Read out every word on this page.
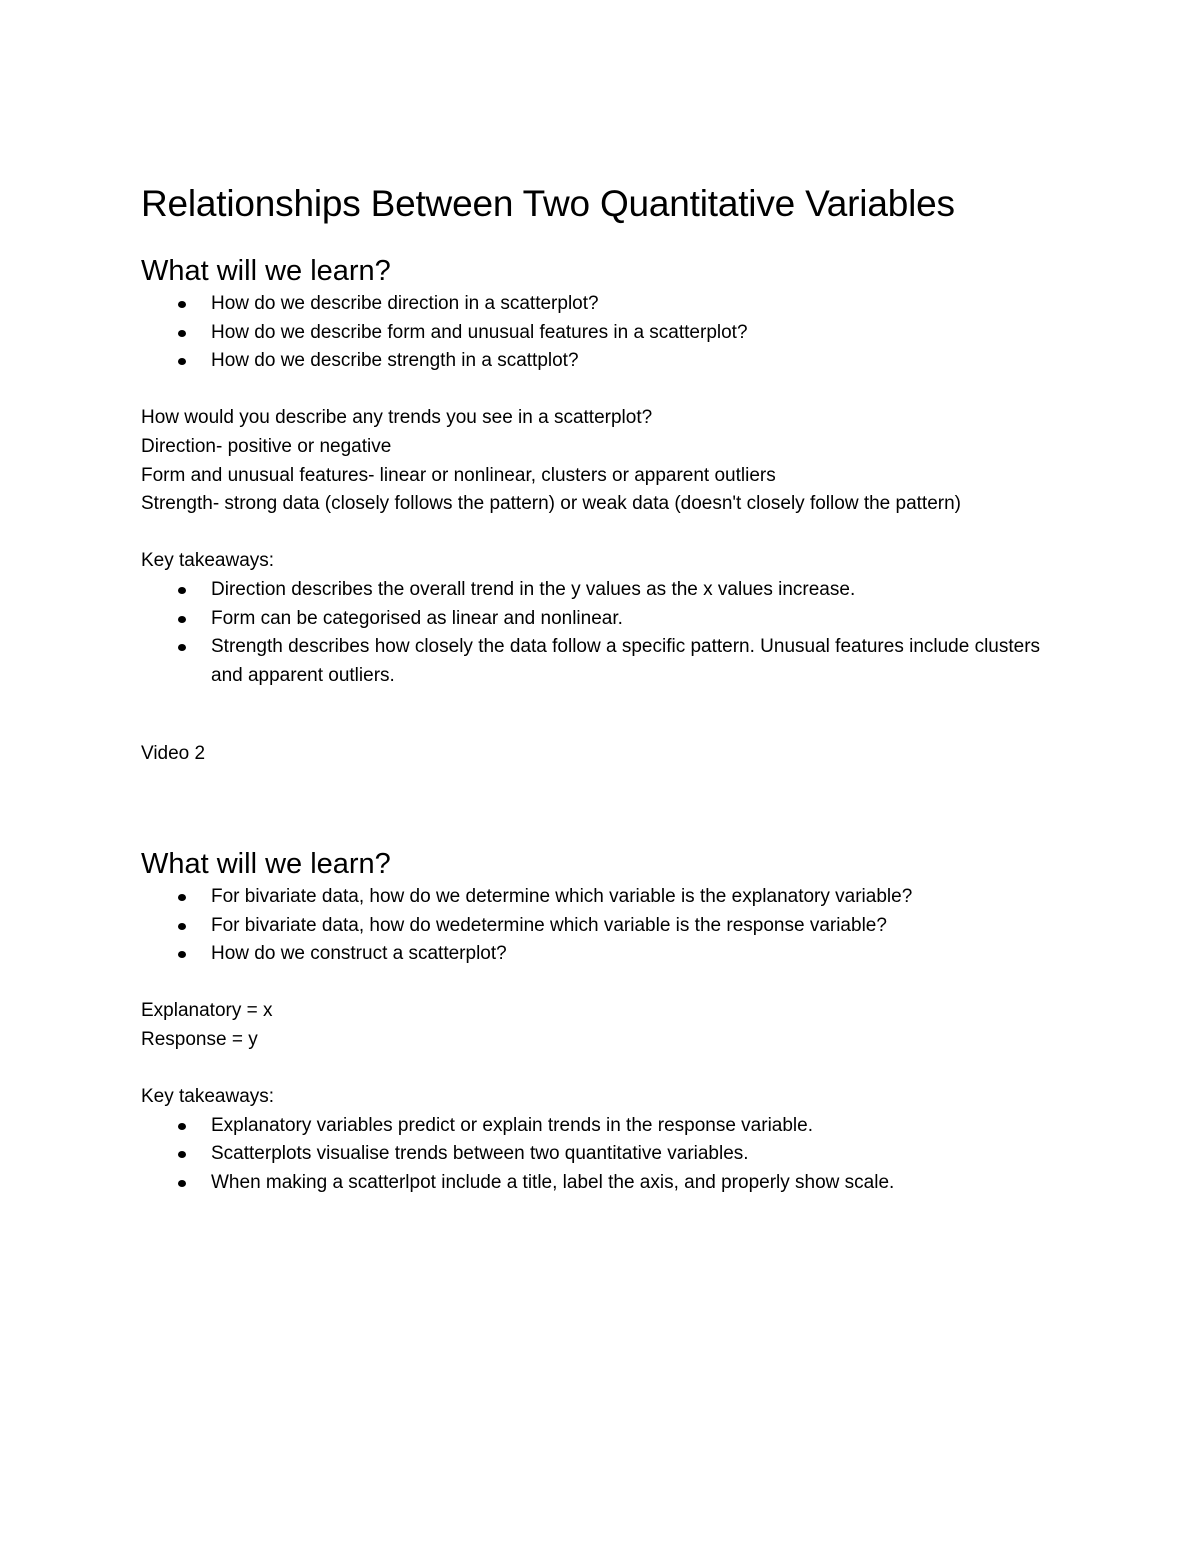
Relationships Between Two Quantitative Variables
What will we learn?
How do we describe direction in a scatterplot?
How do we describe form and unusual features in a scatterplot?
How do we describe strength in a scattplot?

How would you describe any trends you see in a scatterplot?

Direction- positive or negative

Form and unusual features- linear or nonlinear, clusters or apparent outliers

Strength- strong data (closely follows the pattern) or weak data (doesn't closely follow the pattern)

Key takeaways:

Direction describes the overall trend in the y values as the x values increase.
Form can be categorised as linear and nonlinear.
Strength describes how closely the data follow a specific pattern. Unusual features include clusters and apparent outliers.

Video 2

What will we learn?
For bivariate data, how do we determine which variable is the explanatory variable?
For bivariate data, how do wedetermine which variable is the response variable?
How do we construct a scatterplot?

Explanatory = x

Response = y

Key takeaways:

Explanatory variables predict or explain trends in the response variable.
Scatterplots visualise trends between two quantitative variables.
When making a scatterlpot include a title, label the axis, and properly show scale.
